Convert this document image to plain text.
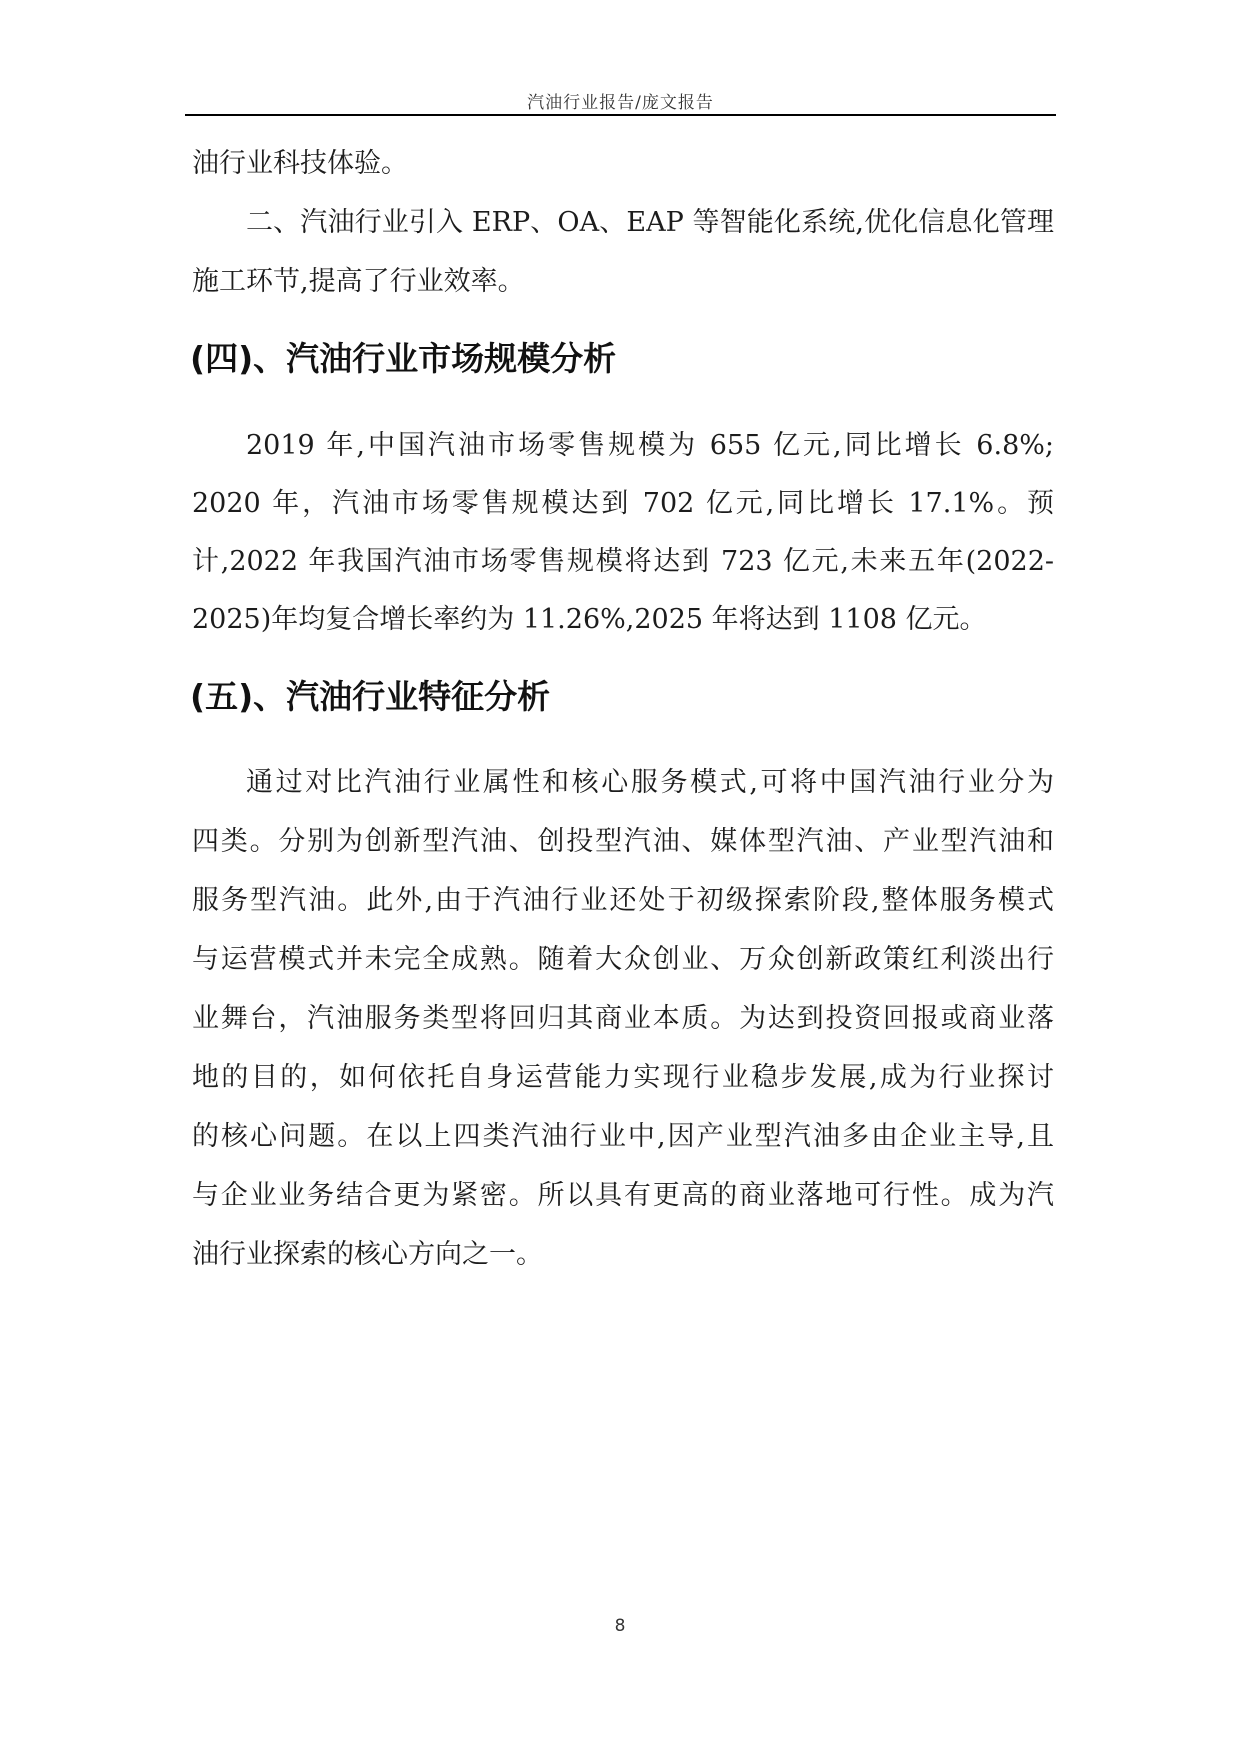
汽油行业报告/庞文报告
油行业科技体验。
二、汽油行业引入 ERP、OA、EAP 等智能化系统,优化信息化管理
施工环节,提高了行业效率。
(四)、汽油行业市场规模分析
2019 年,中国汽油市场零售规模为 655 亿元,同比增长 6.8%;
2020 年，汽油市场零售规模达到 702 亿元,同比增长 17.1%。预
计,2022 年我国汽油市场零售规模将达到 723 亿元,未来五年(2022-
2025)年均复合增长率约为 11.26%,2025 年将达到 1108 亿元。
(五)、汽油行业特征分析
通过对比汽油行业属性和核心服务模式,可将中国汽油行业分为
四类。分别为创新型汽油、创投型汽油、媒体型汽油、产业型汽油和
服务型汽油。此外,由于汽油行业还处于初级探索阶段,整体服务模式
与运营模式并未完全成熟。随着大众创业、万众创新政策红利淡出行
业舞台，汽油服务类型将回归其商业本质。为达到投资回报或商业落
地的目的，如何依托自身运营能力实现行业稳步发展,成为行业探讨
的核心问题。在以上四类汽油行业中,因产业型汽油多由企业主导,且
与企业业务结合更为紧密。所以具有更高的商业落地可行性。成为汽
油行业探索的核心方向之一。
8
